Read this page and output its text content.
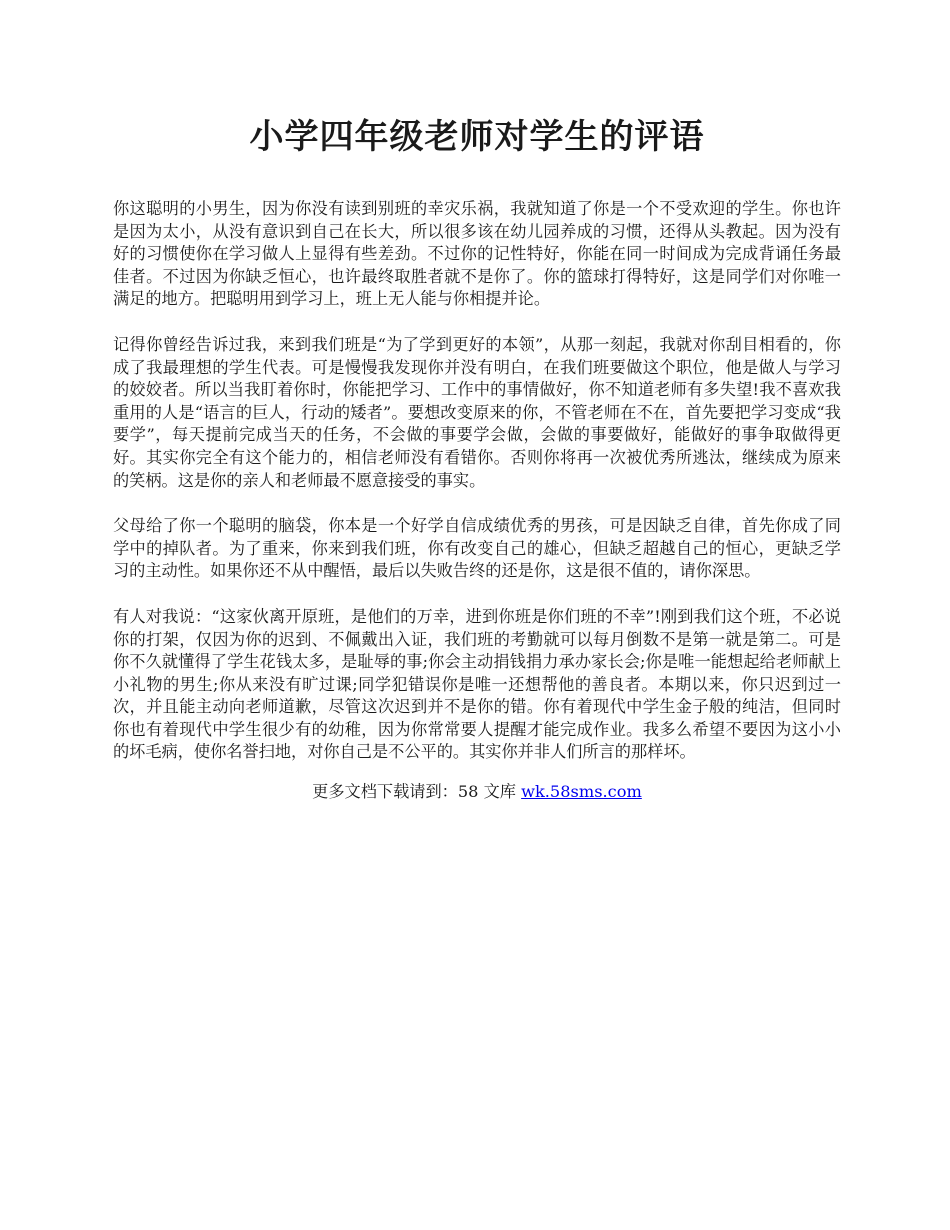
小学四年级老师对学生的评语

你这聪明的小男生，因为你没有读到别班的幸灾乐祸，我就知道了你是一个不受欢迎的学生。你也许是因为太小，从没有意识到自己在长大，所以很多该在幼儿园养成的习惯，还得从头教起。因为没有好的习惯使你在学习做人上显得有些差劲。不过你的记性特好，你能在同一时间成为完成背诵任务最佳者。不过因为你缺乏恒心，也许最终取胜者就不是你了。你的篮球打得特好，这是同学们对你唯一满足的地方。把聪明用到学习上，班上无人能与你相提并论。

记得你曾经告诉过我，来到我们班是“为了学到更好的本领”，从那一刻起，我就对你刮目相看的，你成了我最理想的学生代表。可是慢慢我发现你并没有明白，在我们班要做这个职位，他是做人与学习的姣姣者。所以当我盯着你时，你能把学习、工作中的事情做好，你不知道老师有多失望!我不喜欢我重用的人是“语言的巨人，行动的矮者”。要想改变原来的你，不管老师在不在，首先要把学习变成“我要学”，每天提前完成当天的任务，不会做的事要学会做，会做的事要做好，能做好的事争取做得更好。其实你完全有这个能力的，相信老师没有看错你。否则你将再一次被优秀所逃汰，继续成为原来的笑柄。这是你的亲人和老师最不愿意接受的事实。

父母给了你一个聪明的脑袋，你本是一个好学自信成绩优秀的男孩，可是因缺乏自律，首先你成了同学中的掉队者。为了重来，你来到我们班，你有改变自己的雄心，但缺乏超越自己的恒心，更缺乏学习的主动性。如果你还不从中醒悟，最后以失败告终的还是你，这是很不值的，请你深思。

有人对我说：“这家伙离开原班，是他们的万幸，进到你班是你们班的不幸”!刚到我们这个班，不必说你的打架，仅因为你的迟到、不佩戴出入证，我们班的考勤就可以每月倒数不是第一就是第二。可是你不久就懂得了学生花钱太多，是耻辱的事;你会主动捐钱捐力承办家长会;你是唯一能想起给老师献上小礼物的男生;你从来没有旷过课;同学犯错误你是唯一还想帮他的善良者。本期以来，你只迟到过一次，并且能主动向老师道歉，尽管这次迟到并不是你的错。你有着现代中学生金子般的纯洁，但同时你也有着现代中学生很少有的幼稚，因为你常常要人提醒才能完成作业。我多么希望不要因为这小小的坏毛病，使你名誉扫地，对你自己是不公平的。其实你并非人们所言的那样坏。

更多文档下载请到：58 文库 wk.58sms.com
